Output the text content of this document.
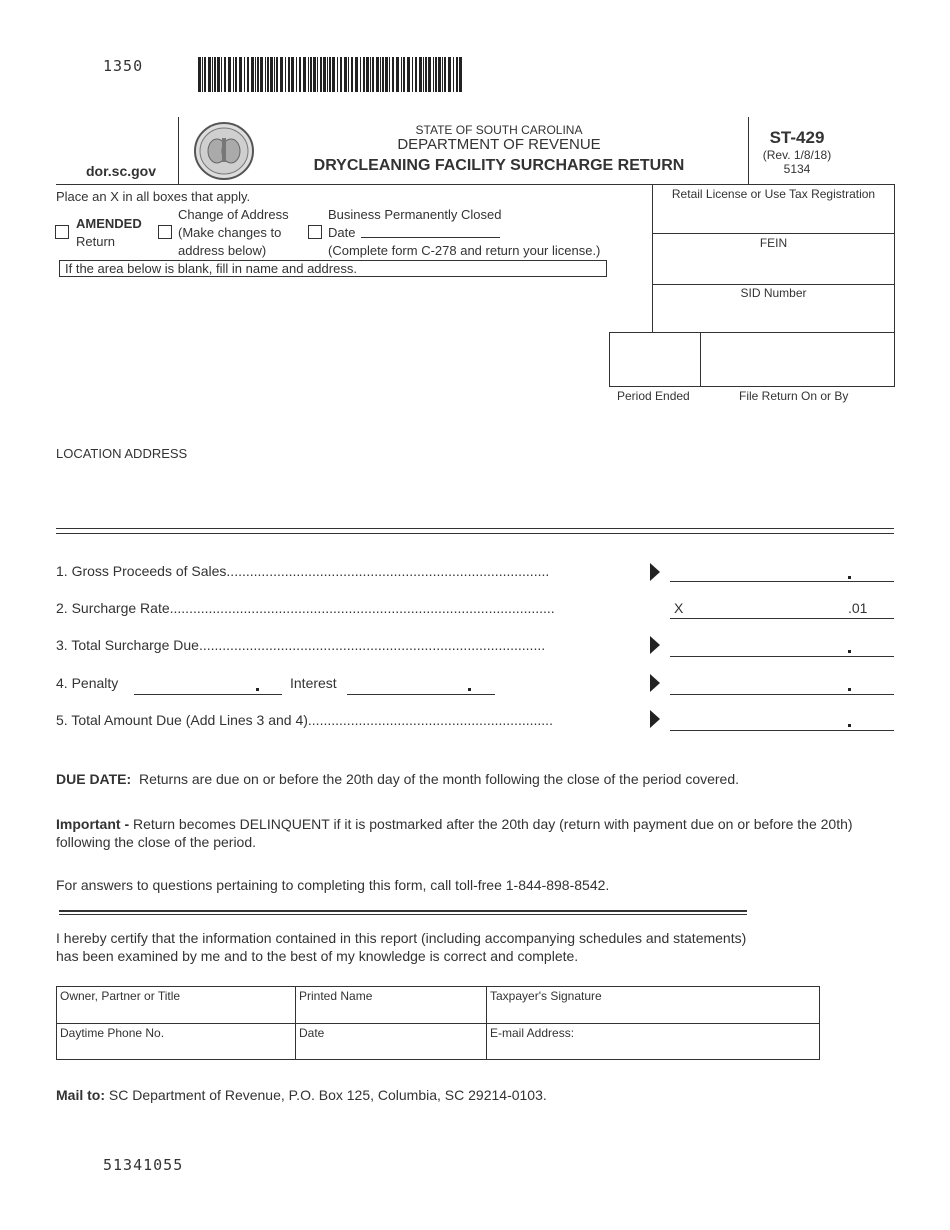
1350
dor.sc.gov
STATE OF SOUTH CAROLINA
DEPARTMENT OF REVENUE
DRYCLEANING FACILITY SURCHARGE RETURN
ST-429
(Rev. 1/8/18)
5134
Place an X in all boxes that apply.
AMENDED
Return
Change of Address
(Make changes to
address below)
Business Permanently Closed
Date
(Complete form C-278 and return your license.)
If the area below is blank, fill in name and address.
Retail License or Use Tax Registration
FEIN
SID Number
Period Ended	File Return On or By
LOCATION ADDRESS
1. Gross Proceeds of Sales...................................................................................
2. Surcharge Rate...................................................................................................	X	.01
3. Total Surcharge Due.........................................................................................
4. Penalty	Interest
5. Total Amount Due (Add Lines 3 and 4)...............................................................
DUE DATE: Returns are due on or before the 20th day of the month following the close of the period covered.
Important - Return becomes DELINQUENT if it is postmarked after the 20th day (return with payment due on or before the 20th) following the close of the period.
For answers to questions pertaining to completing this form, call toll-free 1-844-898-8542.
I hereby certify that the information contained in this report (including accompanying schedules and statements) has been examined by me and to the best of my knowledge is correct and complete.
Owner, Partner or Title	Printed Name	Taxpayer's Signature
Daytime Phone No.	Date	E-mail Address:
Mail to: SC Department of Revenue, P.O. Box 125, Columbia, SC 29214-0103.
51341055
